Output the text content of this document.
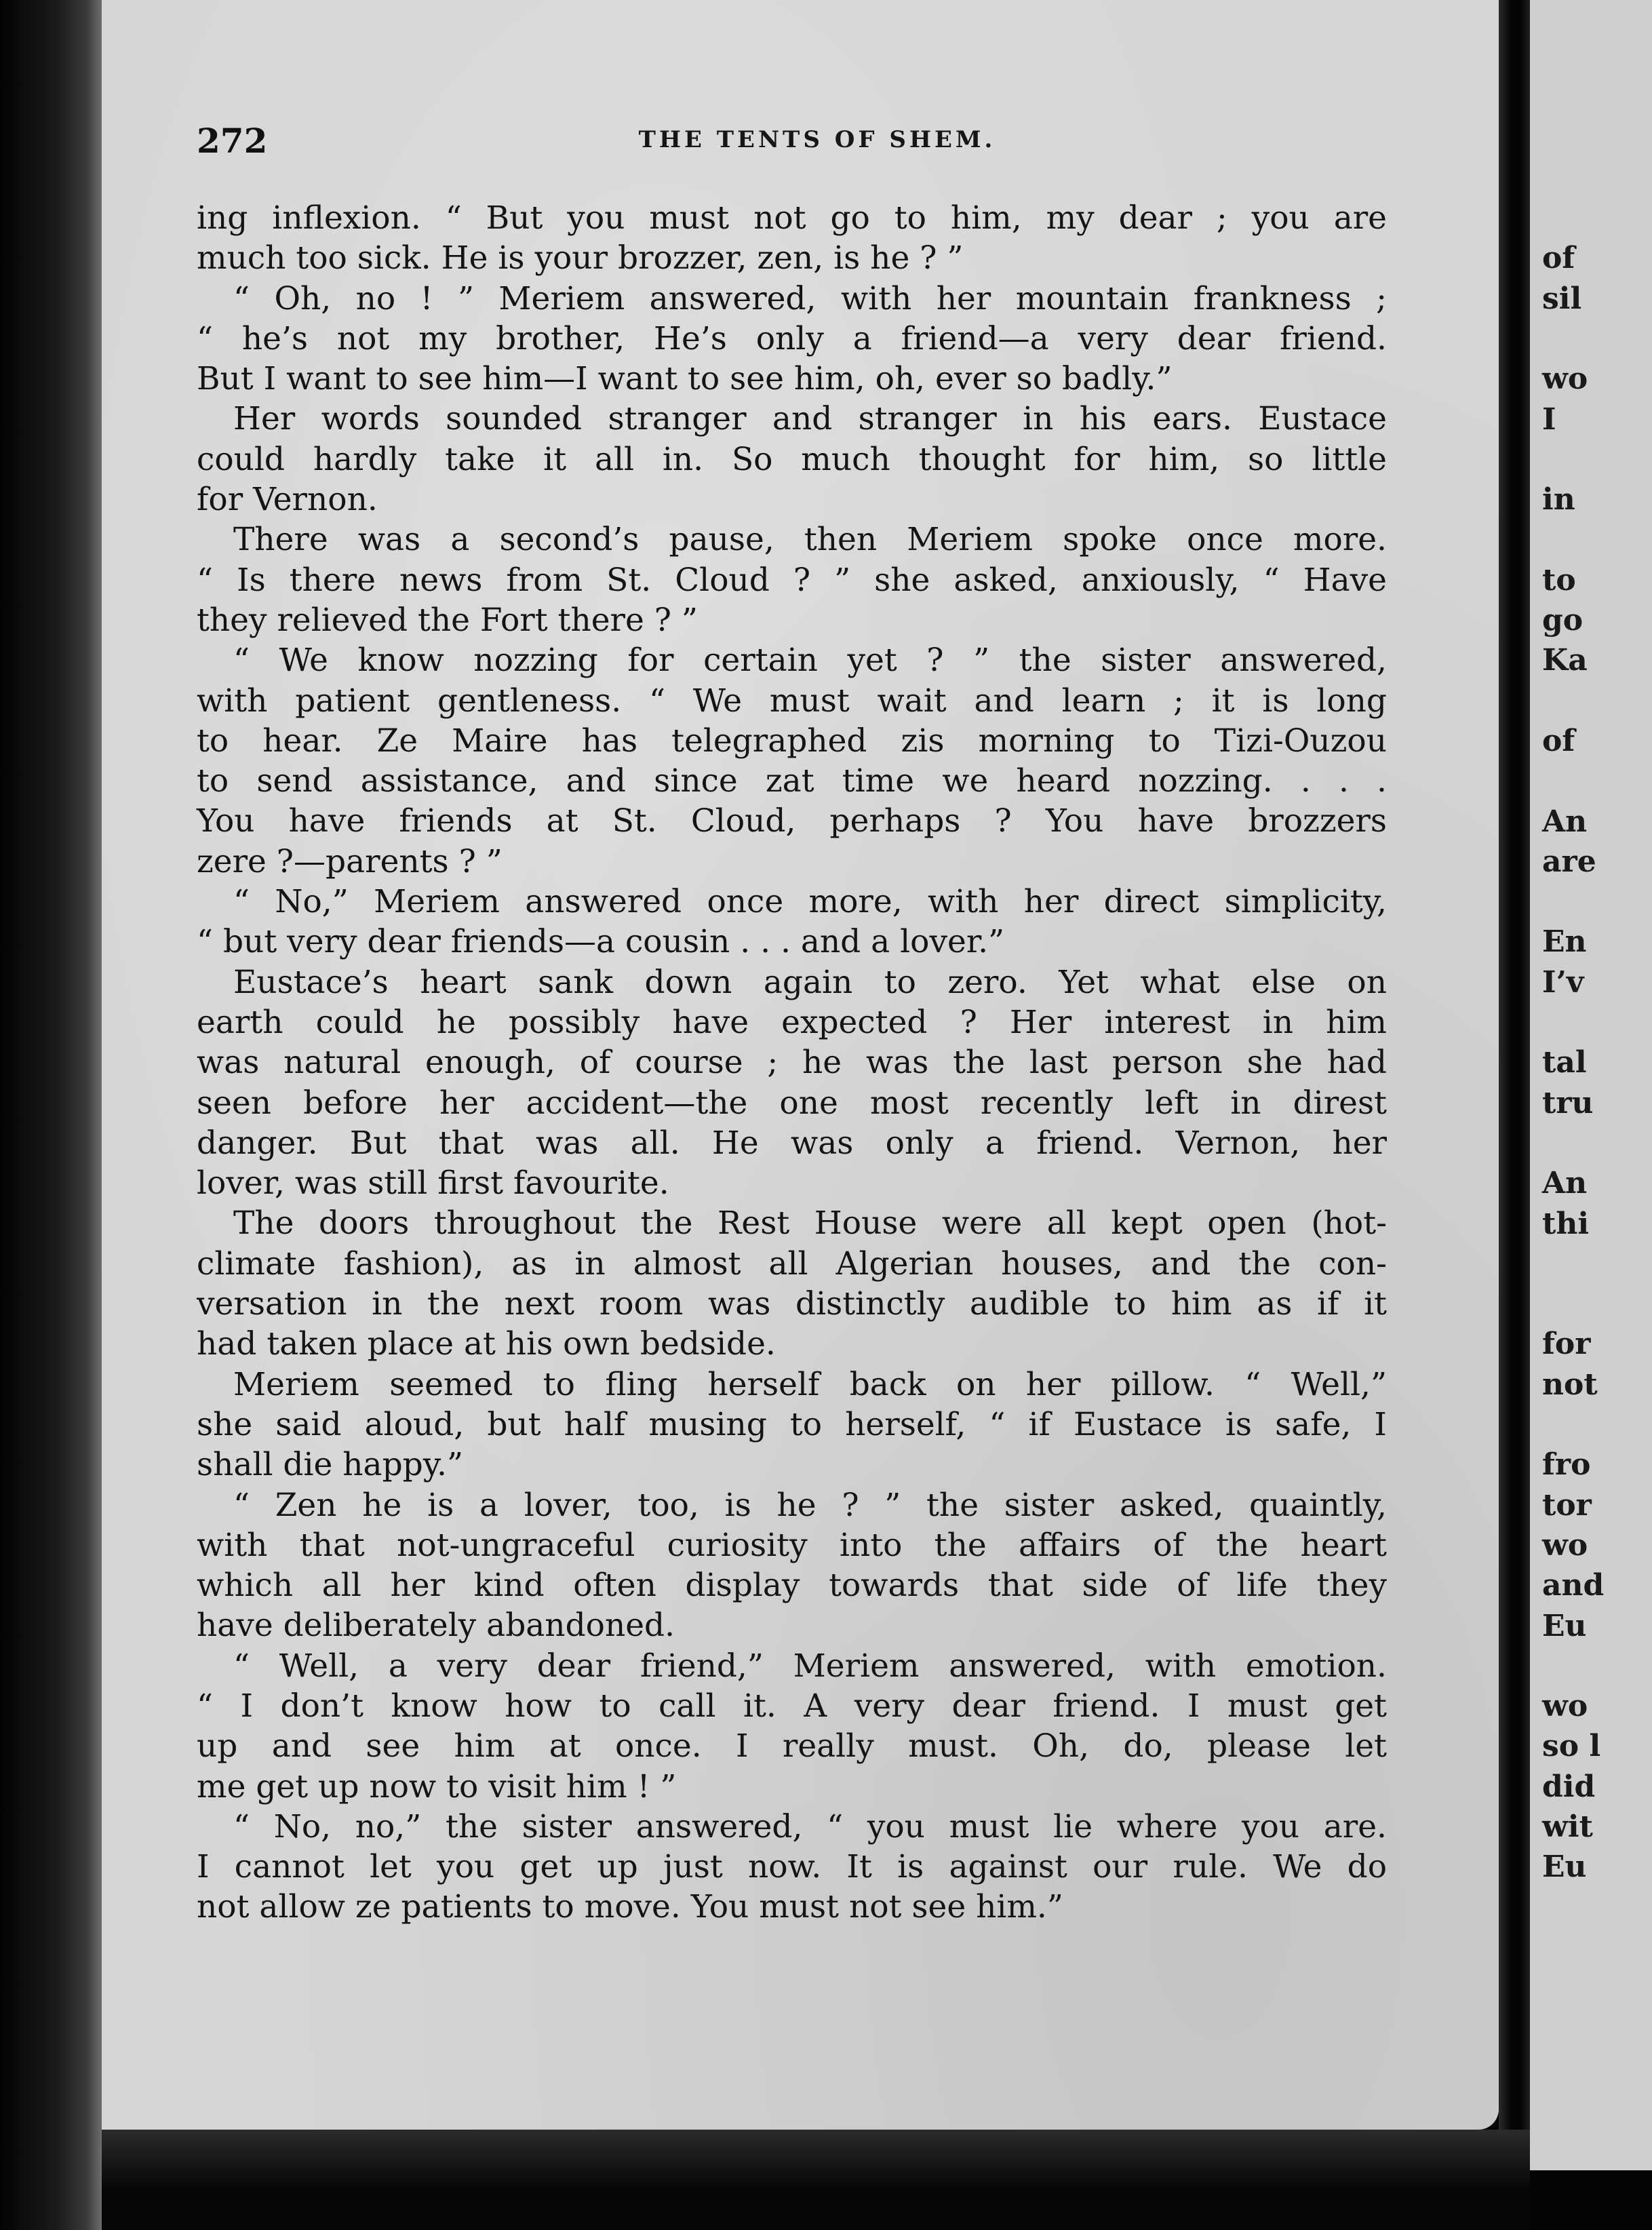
272	THE TENTS OF SHEM.
ing inflexion. “ But you must not go to him, my dear ; you are
much too sick. He is your brozzer, zen, is he ? ”
“ Oh, no ! ” Meriem answered, with her mountain frankness ;
“ he’s not my brother, He’s only a friend—a very dear friend.
But I want to see him—I want to see him, oh, ever so badly.”
Her words sounded stranger and stranger in his ears. Eustace
could hardly take it all in. So much thought for him, so little
for Vernon.
There was a second’s pause, then Meriem spoke once more.
“ Is there news from St. Cloud ? ” she asked, anxiously, “ Have
they relieved the Fort there ? ”
“ We know nozzing for certain yet ? ” the sister answered,
with patient gentleness. “ We must wait and learn ; it is long
to hear. Ze Maire has telegraphed zis morning to Tizi-Ouzou
to send assistance, and since zat time we heard nozzing. . . .
You have friends at St. Cloud, perhaps ? You have brozzers
zere ?—parents ? ”
“ No,” Meriem answered once more, with her direct simplicity,
“ but very dear friends—a cousin . . . and a lover.”
Eustace’s heart sank down again to zero. Yet what else on
earth could he possibly have expected ? Her interest in him
was natural enough, of course ; he was the last person she had
seen before her accident—the one most recently left in direst
danger. But that was all. He was only a friend. Vernon, her
lover, was still first favourite.
The doors throughout the Rest House were all kept open (hot-
climate fashion), as in almost all Algerian houses, and the con-
versation in the next room was distinctly audible to him as if it
had taken place at his own bedside.
Meriem seemed to fling herself back on her pillow. “ Well,”
she said aloud, but half musing to herself, “ if Eustace is safe, I
shall die happy.”
“ Zen he is a lover, too, is he ? ” the sister asked, quaintly,
with that not-ungraceful curiosity into the affairs of the heart
which all her kind often display towards that side of life they
have deliberately abandoned.
“ Well, a very dear friend,” Meriem answered, with emotion.
“ I don’t know how to call it. A very dear friend. I must get
up and see him at once. I really must. Oh, do, please let
me get up now to visit him ! ”
“ No, no,” the sister answered, “ you must lie where you are.
I cannot let you get up just now. It is against our rule. We do
not allow ze patients to move. You must not see him.”
of
sil
wo
I
in
to
go
Ka
of
An
are
En
I’v
tal
tru
An
thi
for
not
fro
tor
wo
and
Eu
wo
so l
did
wit
Eu
